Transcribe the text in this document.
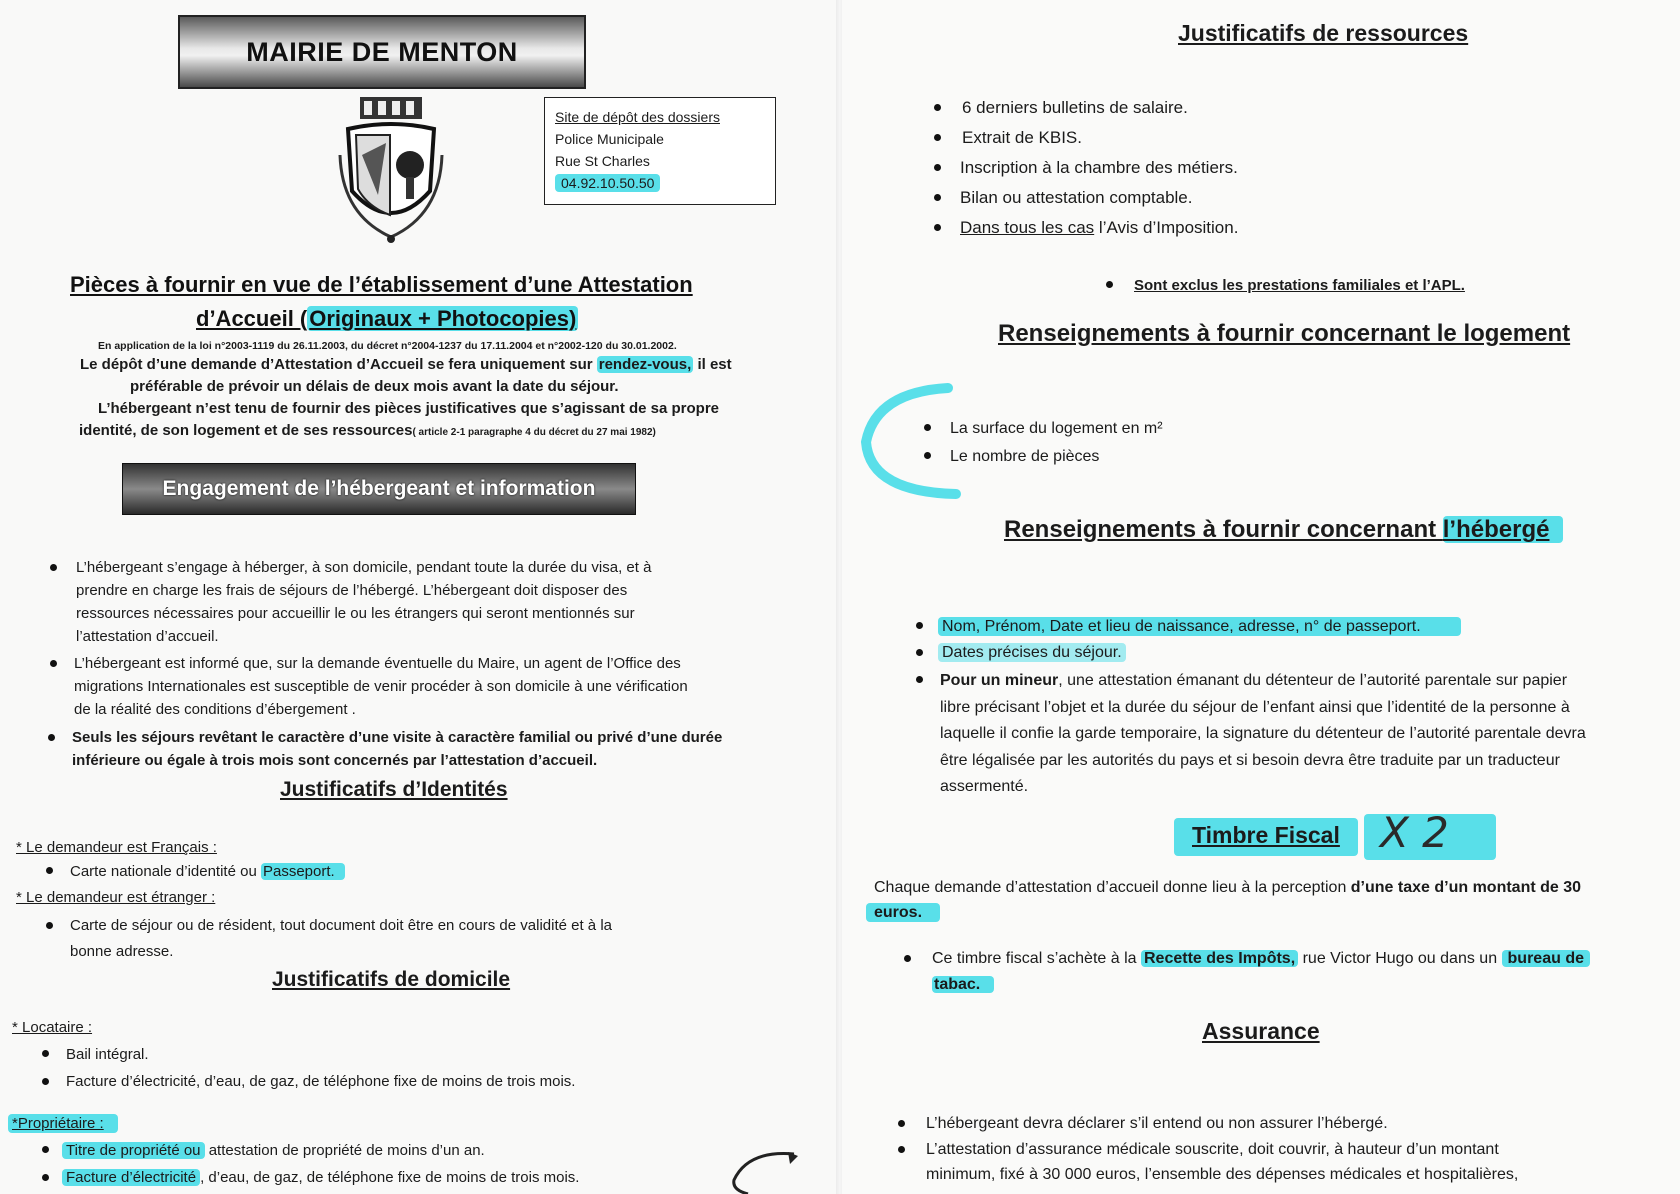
MAIRIE DE MENTON
Site de dépôt des dossiers
Police Municipale
Rue St Charles
04.92.10.50.50
Pièces à fournir en vue de l’établissement d’une Attestation
d’Accueil (Originaux + Photocopies)
En application de la loi n°2003-1119 du 26.11.2003, du décret n°2004-1237 du 17.11.2004 et n°2002-120 du 30.01.2002.
Le dépôt d’une demande d’Attestation d’Accueil se fera uniquement sur rendez-vous, il est
préférable de prévoir un délais de deux mois avant la date du séjour.
L’hébergeant n’est tenu de fournir des pièces justificatives que s’agissant de sa propre
identité, de son logement et de ses ressources( article 2-1 paragraphe 4 du décret du 27 mai 1982)
Engagement de l’hébergeant et information
L’hébergeant s’engage à héberger, à son domicile, pendant toute la durée du visa, et à
prendre en charge les frais de séjours de l’hébergé. L’hébergeant doit disposer des
ressources nécessaires pour accueillir le ou les étrangers qui seront mentionnés sur
l’attestation d’accueil.
L’hébergeant est informé que, sur la demande éventuelle du Maire, un agent de l’Office des
migrations Internationales est susceptible de venir procéder à son domicile à une vérification
de la réalité des conditions d’ébergement .
Seuls les séjours revêtant le caractère d’une visite à caractère familial ou privé d’une durée
inférieure ou égale à trois mois sont concernés par l’attestation d’accueil.
Justificatifs d’Identités
* Le demandeur est Français :
Carte nationale d’identité ou Passeport.
* Le demandeur est étranger :
Carte de séjour ou de résident, tout document doit être en cours de validité et à la
bonne adresse.
Justificatifs de domicile
* Locataire :
Bail intégral.
Facture d’électricité, d’eau, de gaz, de téléphone fixe de moins de trois mois.
*Propriétaire :
Titre de propriété ou attestation de propriété de moins d’un an.
Facture d’électricité , d’eau, de gaz, de téléphone fixe de moins de trois mois.
Justificatifs de ressources
6 derniers bulletins de salaire.
Extrait de KBIS.
Inscription à la chambre des métiers.
Bilan ou attestation comptable.
Dans tous les cas l’Avis d’Imposition.
Sont exclus les prestations familiales et l’APL.
Renseignements à fournir concernant le logement
La surface du logement en m²
Le nombre de pièces
Renseignements à fournir concernant l’hébergé
Nom, Prénom, Date et lieu de naissance, adresse, n° de passeport.
Dates précises du séjour.
Pour un mineur, une attestation émanant du détenteur de l’autorité parentale sur papier
libre précisant l’objet et la durée du séjour de l’enfant ainsi que l’identité de la personne à
laquelle il confie la garde temporaire, la signature du détenteur de l’autorité parentale devra
être légalisée par les autorités du pays et si besoin devra être traduite par un traducteur
assermenté.
Timbre Fiscal X 2
Chaque demande d’attestation d’accueil donne lieu à la perception d’une taxe d’un montant de 30
euros.
Ce timbre fiscal s’achète à la Recette des Impôts, rue Victor Hugo ou dans un bureau de
tabac.
Assurance
L’hébergeant devra déclarer s’il entend ou non assurer l’hébergé.
L’attestation d’assurance médicale souscrite, doit couvrir, à hauteur d’un montant
minimum, fixé à 30 000 euros, l’ensemble des dépenses médicales et hospitalières,
